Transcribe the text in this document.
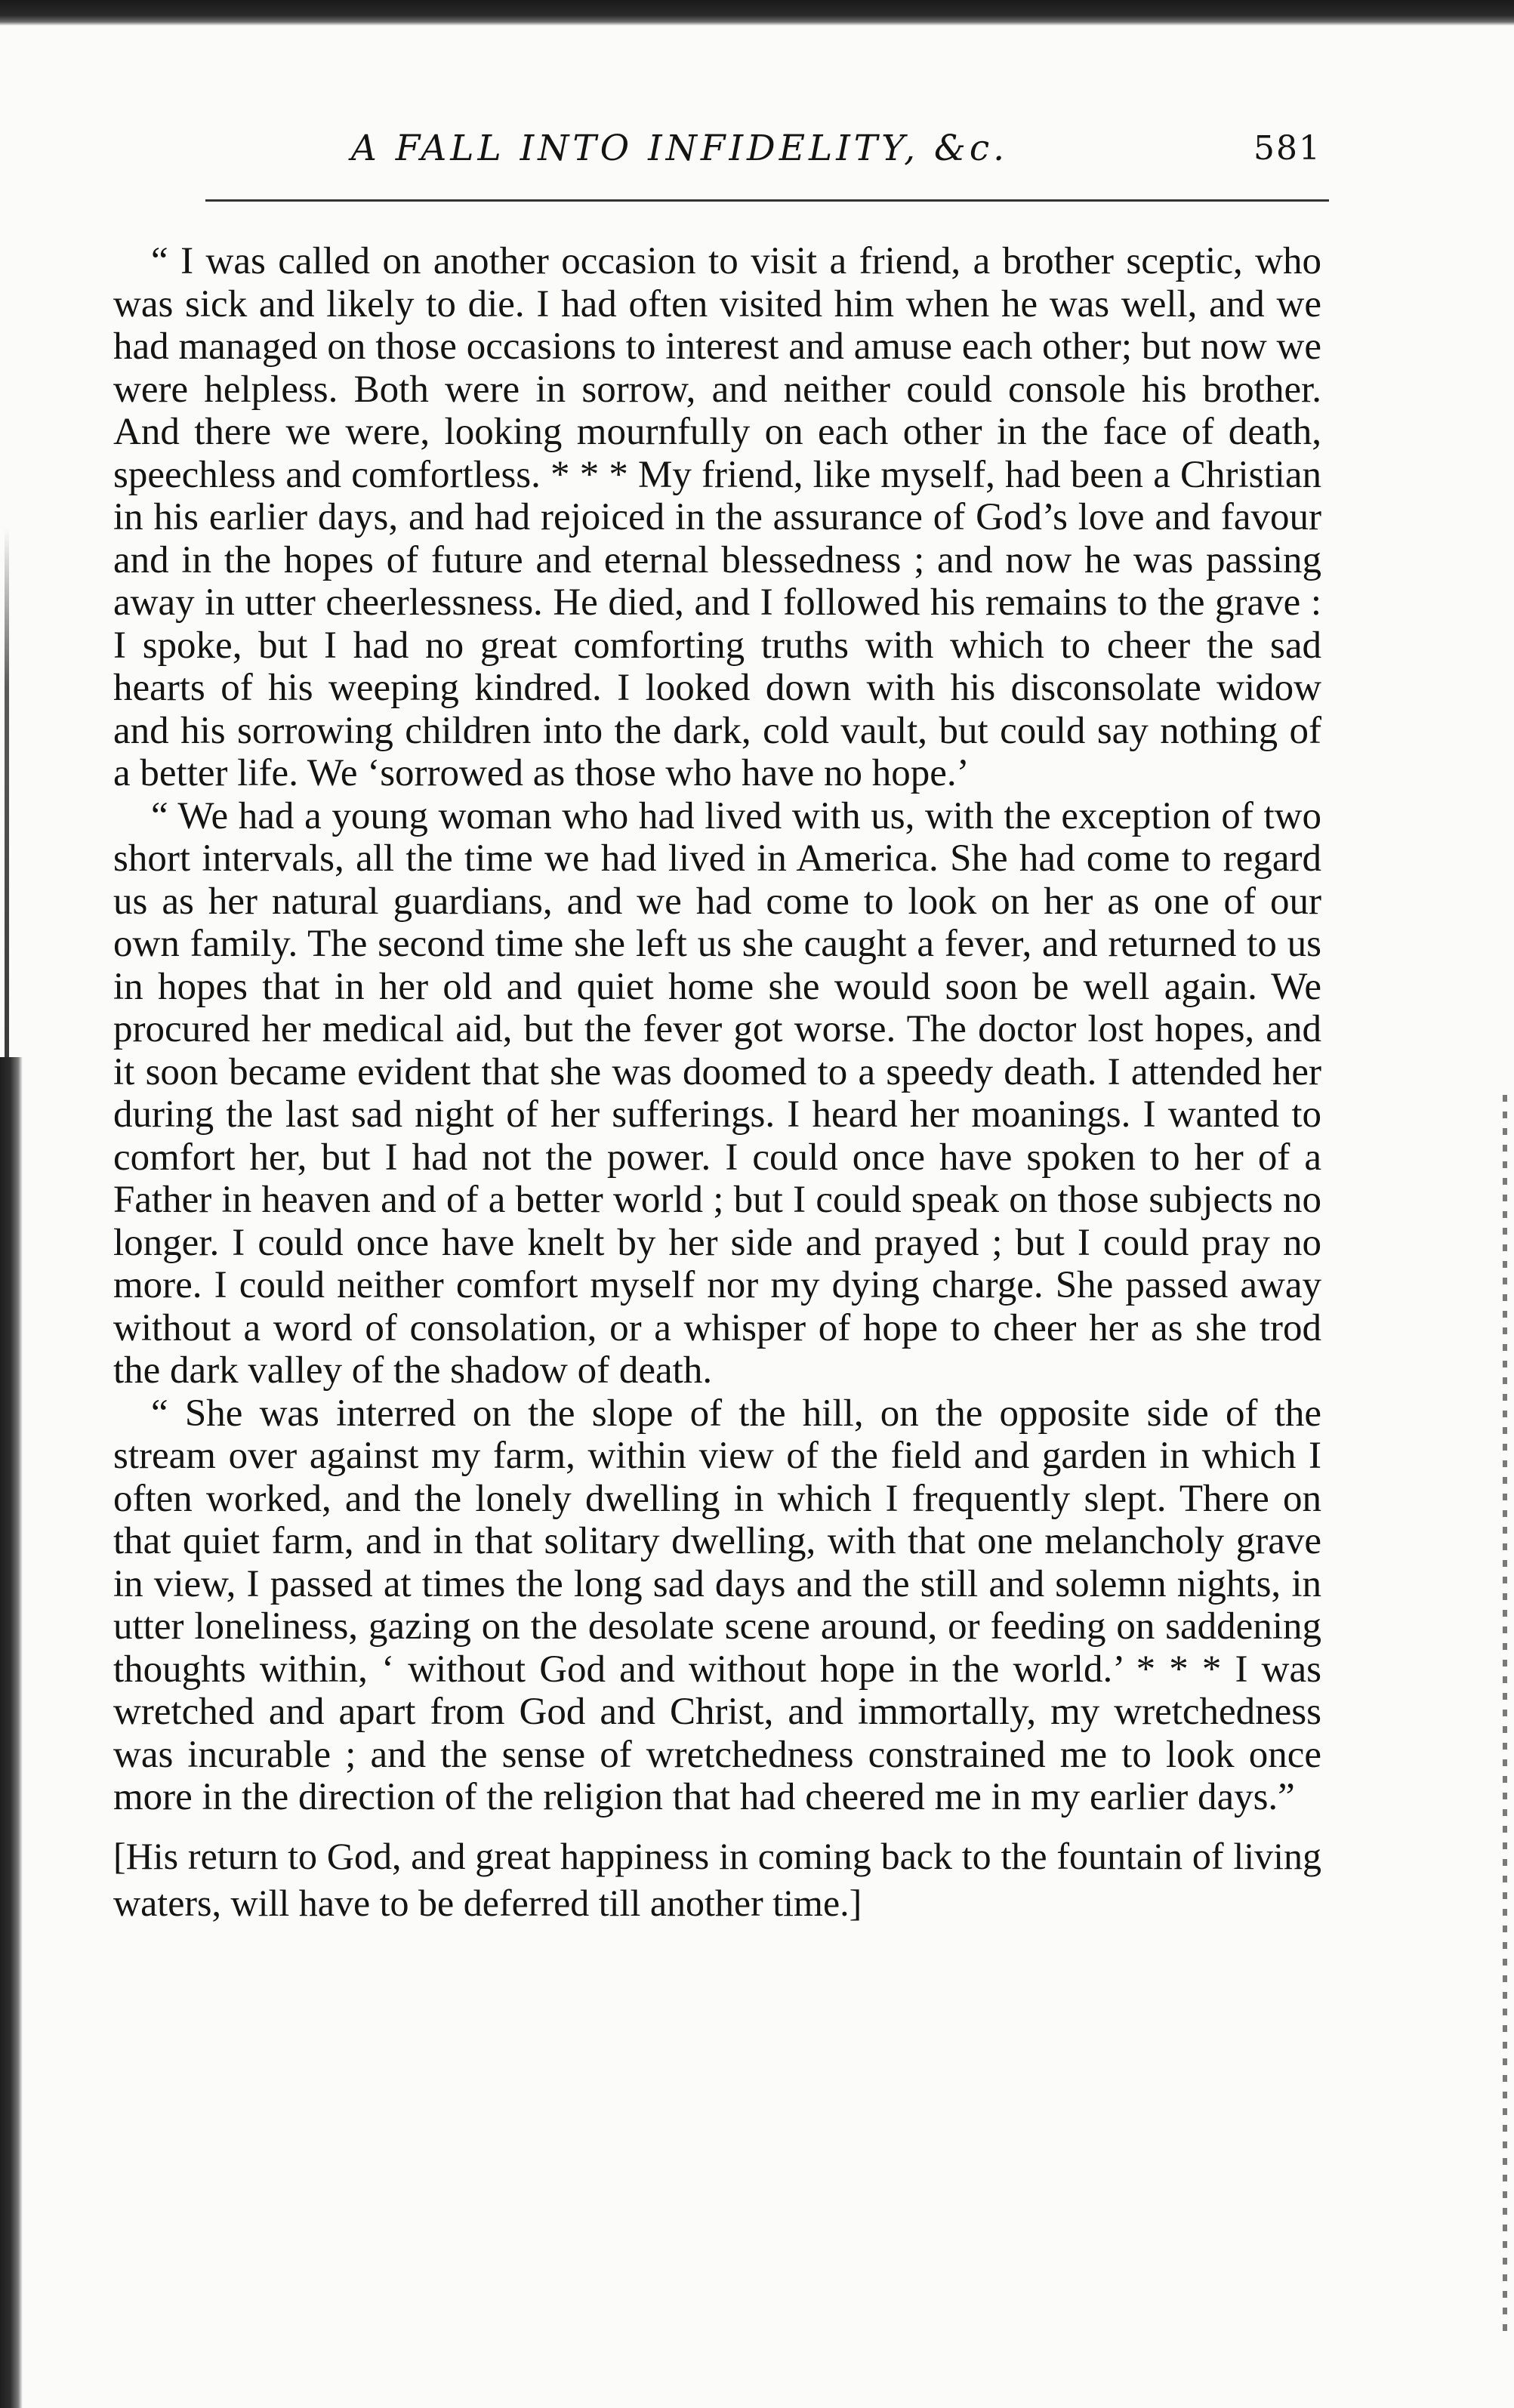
A FALL INTO INFIDELITY, &c.	581

“ I was called on another occasion to visit a friend, a brother sceptic, who was sick and likely to die. I had often visited him when he was well, and we had managed on those occasions to interest and amuse each other; but now we were helpless. Both were in sorrow, and neither could console his brother. And there we were, looking mournfully on each other in the face of death, speechless and comfortless. * * * My friend, like myself, had been a Christian in his earlier days, and had rejoiced in the assurance of God’s love and favour and in the hopes of future and eternal blessedness ; and now he was passing away in utter cheerlessness. He died, and I followed his remains to the grave : I spoke, but I had no great comforting truths with which to cheer the sad hearts of his weeping kindred. I looked down with his disconsolate widow and his sorrowing children into the dark, cold vault, but could say nothing of a better life. We ‘sorrowed as those who have no hope.’

“ We had a young woman who had lived with us, with the exception of two short intervals, all the time we had lived in America. She had come to regard us as her natural guardians, and we had come to look on her as one of our own family. The second time she left us she caught a fever, and returned to us in hopes that in her old and quiet home she would soon be well again. We procured her medical aid, but the fever got worse. The doctor lost hopes, and it soon became evident that she was doomed to a speedy death. I attended her during the last sad night of her sufferings. I heard her moanings. I wanted to comfort her, but I had not the power. I could once have spoken to her of a Father in heaven and of a better world ; but I could speak on those subjects no longer. I could once have knelt by her side and prayed ; but I could pray no more. I could neither comfort myself nor my dying charge. She passed away without a word of consolation, or a whisper of hope to cheer her as she trod the dark valley of the shadow of death.

“ She was interred on the slope of the hill, on the opposite side of the stream over against my farm, within view of the field and garden in which I often worked, and the lonely dwelling in which I frequently slept. There on that quiet farm, and in that solitary dwelling, with that one melancholy grave in view, I passed at times the long sad days and the still and solemn nights, in utter loneliness, gazing on the desolate scene around, or feeding on saddening thoughts within, ‘ without God and without hope in the world.’ * * * I was wretched and apart from God and Christ, and immortally, my wretchedness was incurable ; and the sense of wretchedness constrained me to look once more in the direction of the religion that had cheered me in my earlier days.”

[His return to God, and great happiness in coming back to the fountain of living waters, will have to be deferred till another time.]
